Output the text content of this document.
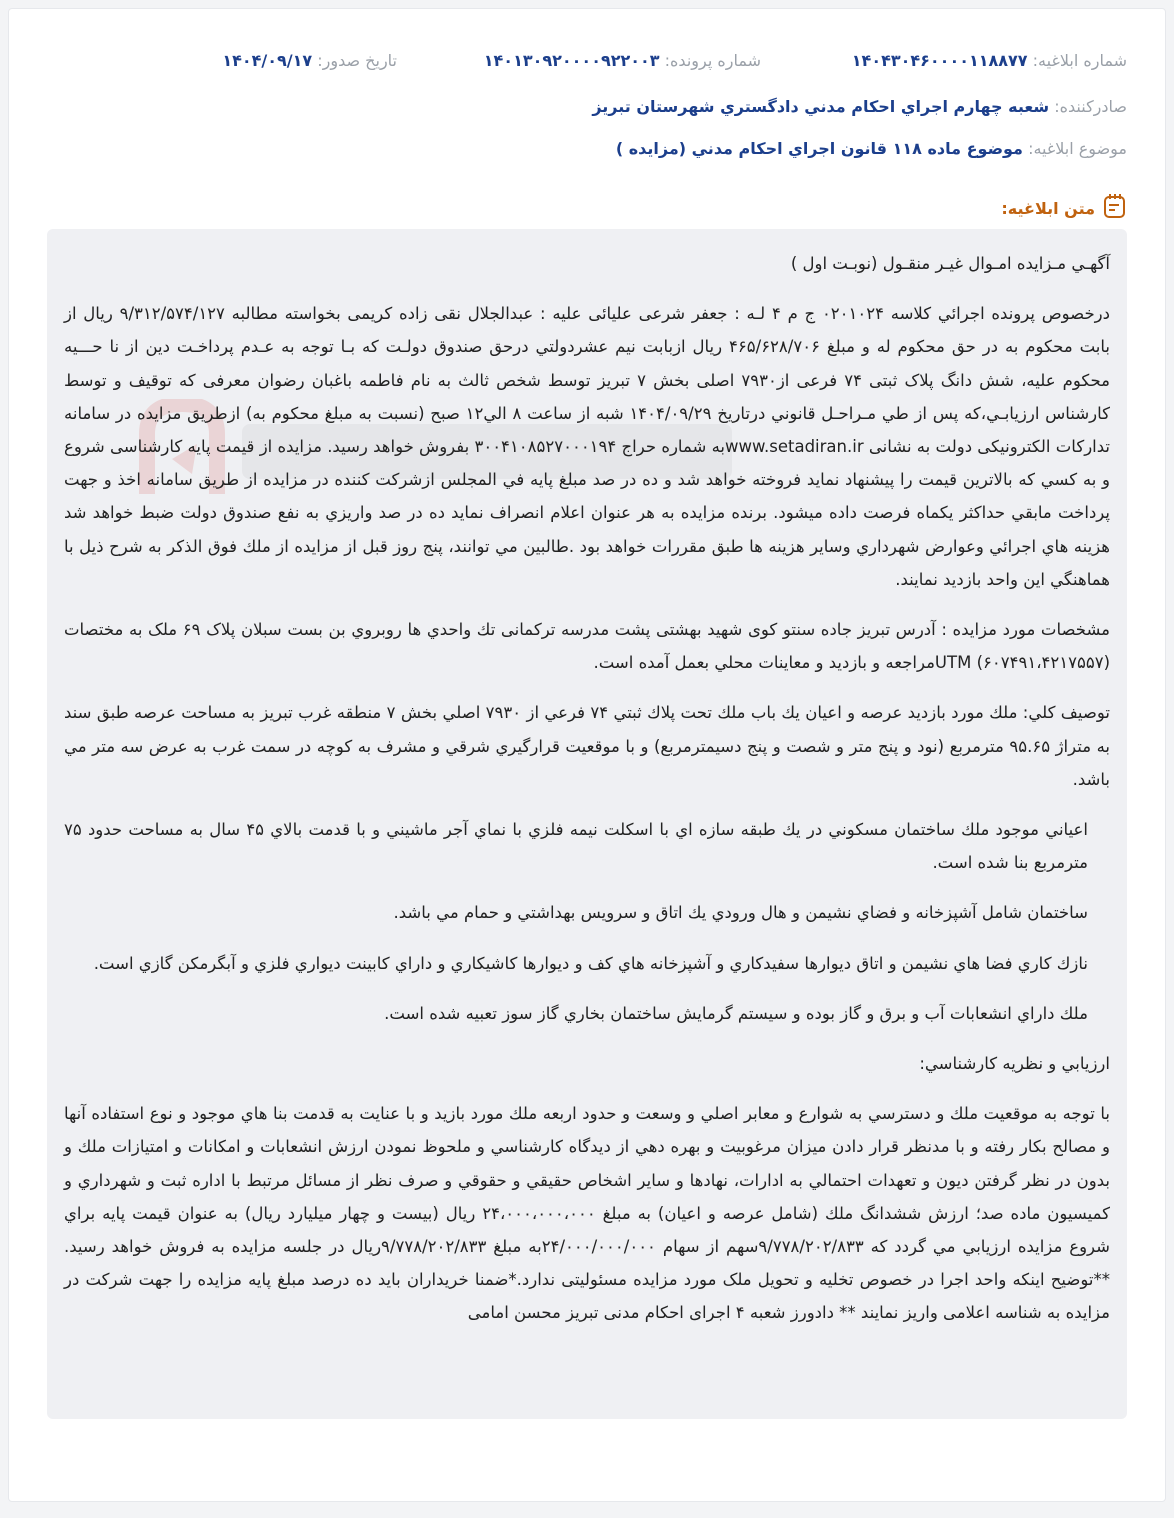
شماره ابلاغیه: ۱۴۰۴۳۰۴۶۰۰۰۰۱۱۸۸۷۷
شماره پرونده: ۱۴۰۱۳۰۹۲۰۰۰۰۹۲۲۰۰۳
تاریخ صدور: ۱۴۰۴/۰۹/۱۷
صادرکننده: شعبه چهارم اجراي احكام مدني دادگستري شهرستان تبریز
موضوع ابلاغیه: موضوع ماده ۱۱۸ قانون اجراي احكام مدني (مزايده )
متن ابلاغیه:

آگهـي مـزايده امـوال غيـر منقـول (نوبـت اول )

درخصوص پرونده اجرائي كلاسه ۰۲۰۱۰۲۴ ج م ۴ لـه : جعفر شرعی علیائی علیه : عبدالجلال نقی زاده کریمی بخواسته مطالبه ۹/۳۱۲/۵۷۴/۱۲۷ ریال از بابت محکوم به در حق محکوم له و مبلغ ۴۶۵/۶۲۸/۷۰۶ ریال ازبابت نیم عشردولتي درحق صندوق دولـت كه بـا توجه به عـدم پرداخـت دين از نا حـــيه محكوم عليه، شش دانگ پلاک ثبتی ۷۴ فرعی از۷۹۳۰ اصلی بخش ۷ تبریز توسط شخص ثالث به نام فاطمه باغبان رضوان معرفی که توقیف و توسط كارشناس ارزيابـي،كه پس از طي مـراحـل قانوني درتاريخ ۱۴۰۴/۰۹/۲۹ شبه از ساعت ۸ الي۱۲ صبح (نسبت به مبلغ محکوم به) ازطريق مزايده در سامانه تداركات الكترونيكی دولت به نشانی www.setadiran.irبه شماره حراج ۳۰۰۴۱۰۸۵۲۷۰۰۰۱۹۴ بفروش خواهد رسيد. مزايده از قيمت پايه كارشناسی شروع و به كسي كه بالاترين قيمت را پيشنهاد نمايد فروخته خواهد شد و ده در صد مبلغ پايه في المجلس ازشركت كننده در مزايده از طريق سامانه اخذ و جهت پرداخت مابقي حداكثر يكماه فرصت داده ميشود. برنده مزايده به هر عنوان اعلام انصراف نمايد ده در صد واريزي به نفع صندوق دولت ضبط خواهد شد هزينه هاي اجرائي وعوارض شهرداري وساير هزينه ها طبق مقررات خواهد بود .طالبين مي توانند، پنج روز قبل از مزايده از ملك فوق الذكر به شرح ذيل با هماهنگي اين واحد بازديد نمايند.

مشخصات مورد مزايده : آدرس تبریز جاده سنتو کوی شهید بهشتی پشت مدرسه ترکمانی تك واحدي ها روبروي بن بست سبلان پلاک ۶۹ ملک به مختصات (۶۰۷۴۹۱،۴۲۱۷۵۵۷) UTMمراجعه و بازديد و معاينات محلي بعمل آمده است.

توصيف كلي: ملك مورد بازديد عرصه و اعيان يك باب ملك تحت پلاك ثبتي ۷۴ فرعي از ۷۹۳۰ اصلي بخش ۷ منطقه غرب تبريز به مساحت عرصه طبق سند به متراژ ۹۵.۶۵ مترمربع (نود و پنج متر و شصت و پنج دسيمترمربع) و با موقعيت قرارگيري شرقي و مشرف به كوچه در سمت غرب به عرض سه متر مي باشد.

اعياني موجود ملك ساختمان مسكوني در يك طبقه سازه اي با اسكلت نيمه فلزي با نماي آجر ماشيني و با قدمت بالاي ۴۵ سال به مساحت حدود ۷۵ مترمربع بنا شده است.

ساختمان شامل آشپزخانه و فضاي نشيمن و هال ورودي يك اتاق و سرويس بهداشتي و حمام مي باشد.

نازك كاري فضا هاي نشيمن و اتاق ديوارها سفيدكاري و آشپزخانه هاي كف و ديوارها كاشيكاري و داراي كابينت ديواري فلزي و آبگرمكن گازي است.

ملك داراي انشعابات آب و برق و گاز بوده و سيستم گرمايش ساختمان بخاري گاز سوز تعبيه شده است.

ارزيابي و نظريه كارشناسي:

با توجه به موقعيت ملك و دسترسي به شوارع و معابر اصلي و وسعت و حدود اربعه ملك مورد بازيد و با عنايت به قدمت بنا هاي موجود و نوع استفاده آنها و مصالح بكار رفته و با مدنظر قرار دادن ميزان مرغوبيت و بهره دهي از ديدگاه كارشناسي و ملحوظ نمودن ارزش انشعابات و امكانات و امتيازات ملك و بدون در نظر گرفتن ديون و تعهدات احتمالي به ادارات، نهادها و ساير اشخاص حقيقي و حقوقي و صرف نظر از مسائل مرتبط با اداره ثبت و شهرداري و كميسيون ماده صد؛ ارزش ششدانگ ملك (شامل عرصه و اعيان) به مبلغ ۲۴،۰۰۰،۰۰۰،۰۰۰ ريال (بيست و چهار ميليارد ريال) به عنوان قيمت پايه براي شروع مزايده ارزيابي مي گردد که ۹/۷۷۸/۲۰۲/۸۳۳سهم از سهام ۲۴/۰۰۰/۰۰۰/۰۰۰به مبلغ ۹/۷۷۸/۲۰۲/۸۳۳ریال در جلسه مزایده به فروش خواهد رسید. **توضیح اینکه واحد اجرا در خصوص تخلیه و تحویل ملک مورد مزایده مسئولیتی ندارد.*ضمنا خریداران باید ده درصد مبلغ پایه مزایده را جهت شرکت در مزایده به شناسه اعلامی واریز نمایند ** دادورز شعبه ۴ اجرای احکام مدنی تبریز محسن امامی
